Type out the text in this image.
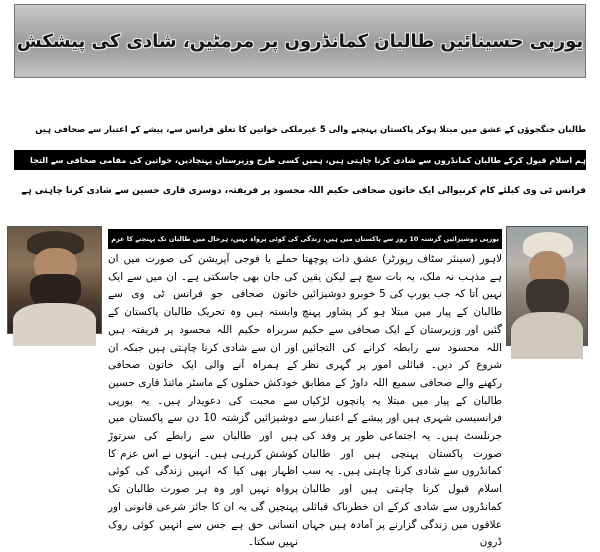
یورپی حسینائیں طالبان کمانڈروں پر مرمٹیں، شادی کی پیشکش
طالبان جنگجوؤں کے عشق میں مبتلا ہوکر پاکستان پہنچنے والی 5 غیرملکی خواتین کا تعلق فرانس سے، پیشے کے اعتبار سے صحافی ہیں
ہم اسلام قبول کرکے طالبان کمانڈروں سے شادی کرنا چاہتی ہیں، ہمیں کسی طرح وزیرستان پہنچادیں، خواتین کی مقامی صحافی سے التجا
فرانس ٹی وی کیلئے کام کرنیوالی ایک خاتون صحافی حکیم اللہ محسود پر فریفتہ، دوسری قاری حسین سے شادی کرنا چاہتی ہے
یورپی دوشیزائیں گزشتہ 10 روز سے پاکستان میں ہیں، زندگی کی کوئی پرواہ نہیں، ہرحال میں طالبان تک پہنچنے کا عزم
لاہور (سینئر سٹاف رپورٹر) عشق ذات پوچھتا ہے مذہب نہ ملک، یہ بات سچ ہے لیکن یقین نہیں آتا کہ جب یورپ کی 5 خوبرو دوشیزائیں طالبان کے پیار میں مبتلا ہو کر پشاور پہنچ گئیں اور وزیرستان کے ایک صحافی سے حکیم اللہ محسود سے رابطہ کرانے کی التجائیں شروع کر دیں۔ قبائلی امور پر گہری نظر رکھنے والے صحافی سمیع اللہ داوڑ کے مطابق طالبان کے پیار میں مبتلا یہ پانچوں لڑکیاں فرانسیسی شہری ہیں اور پیشے کے اعتبار سے جرنلسٹ ہیں۔ یہ اجتماعی طور پر وفد کی صورت پاکستان پہنچی ہیں اور طالبان کمانڈروں سے شادی کرنا چاہتی ہیں۔ یہ سب اسلام قبول کرنا چاہتی ہیں اور طالبان کمانڈروں سے شادی کرکے ان خطرناک قبائلی علاقوں میں زندگی گزارنے پر آمادہ ہیں جہاں ڈرون
حملے یا فوجی آپریشن کی صورت میں ان کی جان بھی جاسکتی ہے۔ ان میں سے ایک خاتون صحافی جو فرانس ٹی وی سے وابستہ ہیں وہ تحریک طالبان پاکستان کے سربراہ حکیم اللہ محسود پر فریفتہ ہیں اور ان سے شادی کرنا چاہتی ہیں جبکہ ان کے ہمراہ آنے والی ایک خاتون صحافی خودکش حملوں کے ماسٹر مائنڈ قاری حسین سے محبت کی دعویدار ہیں۔ یہ یورپی دوشیزائیں گزشتہ 10 دن سے پاکستان میں ہیں اور طالبان سے رابطے کی سرتوڑ کوشش کررہی ہیں۔ انہوں نے اس عزم کا اظہار بھی کیا کہ انہیں زندگی کی کوئی پرواہ نہیں اور وہ ہر صورت طالبان تک پہنچیں گی یہ ان کا جائز شرعی قانونی اور انسانی حق ہے جس سے انہیں کوئی روک نہیں سکتا۔
